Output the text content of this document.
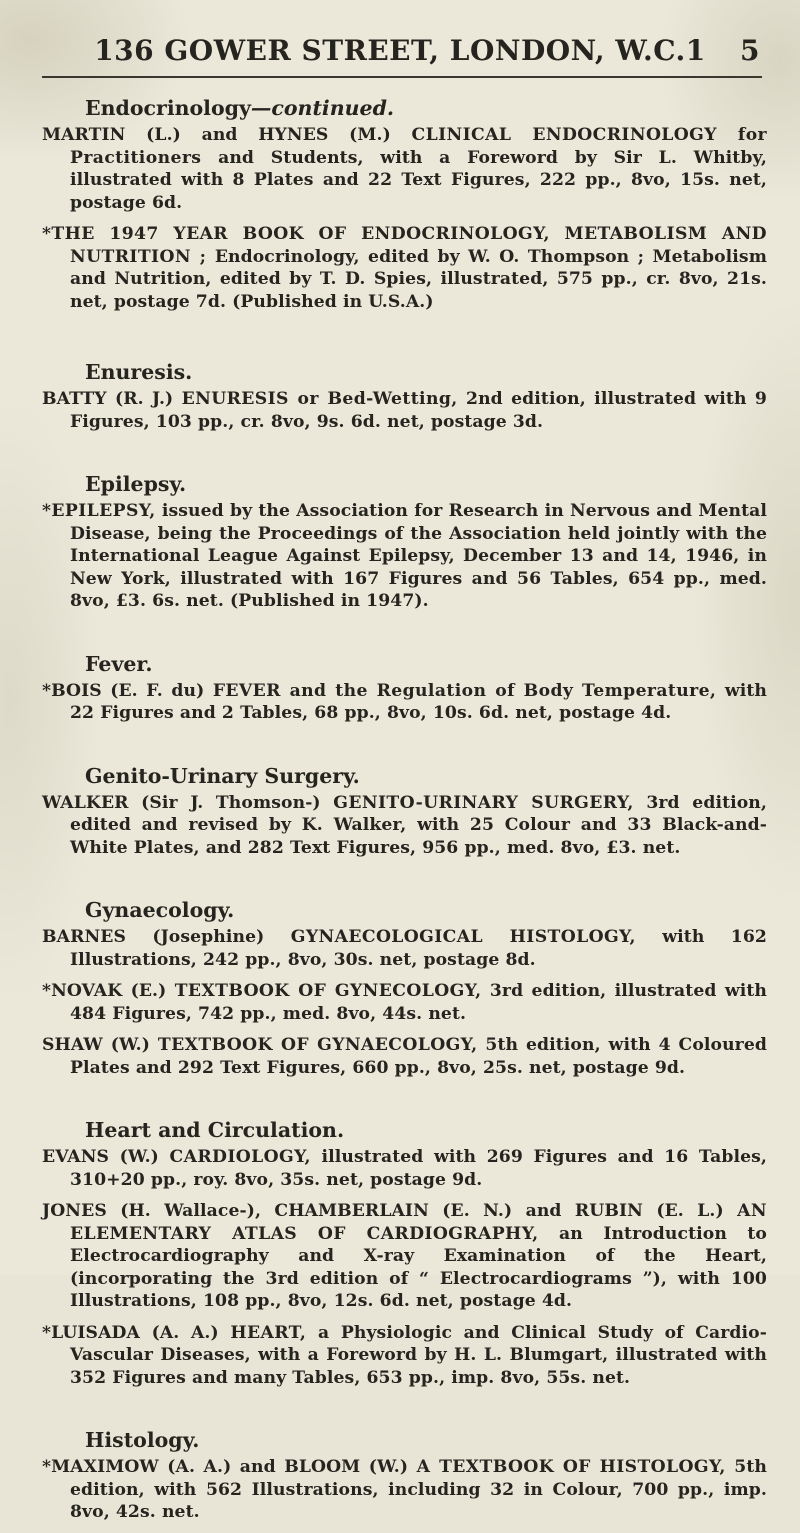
136 GOWER STREET, LONDON, W.C.1 5
Endocrinology—continued.

MARTIN (L.) and HYNES (M.) CLINICAL ENDOCRINOLOGY for Practitioners and Students, with a Foreword by Sir L. Whitby, illustrated with 8 Plates and 22 Text Figures, 222 pp., 8vo, 15s. net, postage 6d.

*THE 1947 YEAR BOOK OF ENDOCRINOLOGY, METABOLISM AND NUTRITION ; Endocrinology, edited by W. O. Thompson ; Metabolism and Nutrition, edited by T. D. Spies, illustrated, 575 pp., cr. 8vo, 21s. net, postage 7d. (Published in U.S.A.)

Enuresis.

BATTY (R. J.) ENURESIS or Bed-Wetting, 2nd edition, illustrated with 9 Figures, 103 pp., cr. 8vo, 9s. 6d. net, postage 3d.

Epilepsy.

*EPILEPSY, issued by the Association for Research in Nervous and Mental Disease, being the Proceedings of the Association held jointly with the International League Against Epilepsy, December 13 and 14, 1946, in New York, illustrated with 167 Figures and 56 Tables, 654 pp., med. 8vo, £3. 6s. net. (Published in 1947).

Fever.

*BOIS (E. F. du) FEVER and the Regulation of Body Temperature, with 22 Figures and 2 Tables, 68 pp., 8vo, 10s. 6d. net, postage 4d.

Genito-Urinary Surgery.

WALKER (Sir J. Thomson-) GENITO-URINARY SURGERY, 3rd edition, edited and revised by K. Walker, with 25 Colour and 33 Black-and-White Plates, and 282 Text Figures, 956 pp., med. 8vo, £3. net.

Gynaecology.

BARNES (Josephine) GYNAECOLOGICAL HISTOLOGY, with 162 Illustrations, 242 pp., 8vo, 30s. net, postage 8d.

*NOVAK (E.) TEXTBOOK OF GYNECOLOGY, 3rd edition, illustrated with 484 Figures, 742 pp., med. 8vo, 44s. net.

SHAW (W.) TEXTBOOK OF GYNAECOLOGY, 5th edition, with 4 Coloured Plates and 292 Text Figures, 660 pp., 8vo, 25s. net, postage 9d.

Heart and Circulation.

EVANS (W.) CARDIOLOGY, illustrated with 269 Figures and 16 Tables, 310+20 pp., roy. 8vo, 35s. net, postage 9d.

JONES (H. Wallace-), CHAMBERLAIN (E. N.) and RUBIN (E. L.) AN ELEMENTARY ATLAS OF CARDIOGRAPHY, an Introduction to Electrocardiography and X-ray Examination of the Heart, (incorporating the 3rd edition of “ Electrocardiograms ”), with 100 Illustrations, 108 pp., 8vo, 12s. 6d. net, postage 4d.

*LUISADA (A. A.) HEART, a Physiologic and Clinical Study of Cardio-Vascular Diseases, with a Foreword by H. L. Blumgart, illustrated with 352 Figures and many Tables, 653 pp., imp. 8vo, 55s. net.

Histology.

*MAXIMOW (A. A.) and BLOOM (W.) A TEXTBOOK OF HISTOLOGY, 5th edition, with 562 Illustrations, including 32 in Colour, 700 pp., imp. 8vo, 42s. net.
